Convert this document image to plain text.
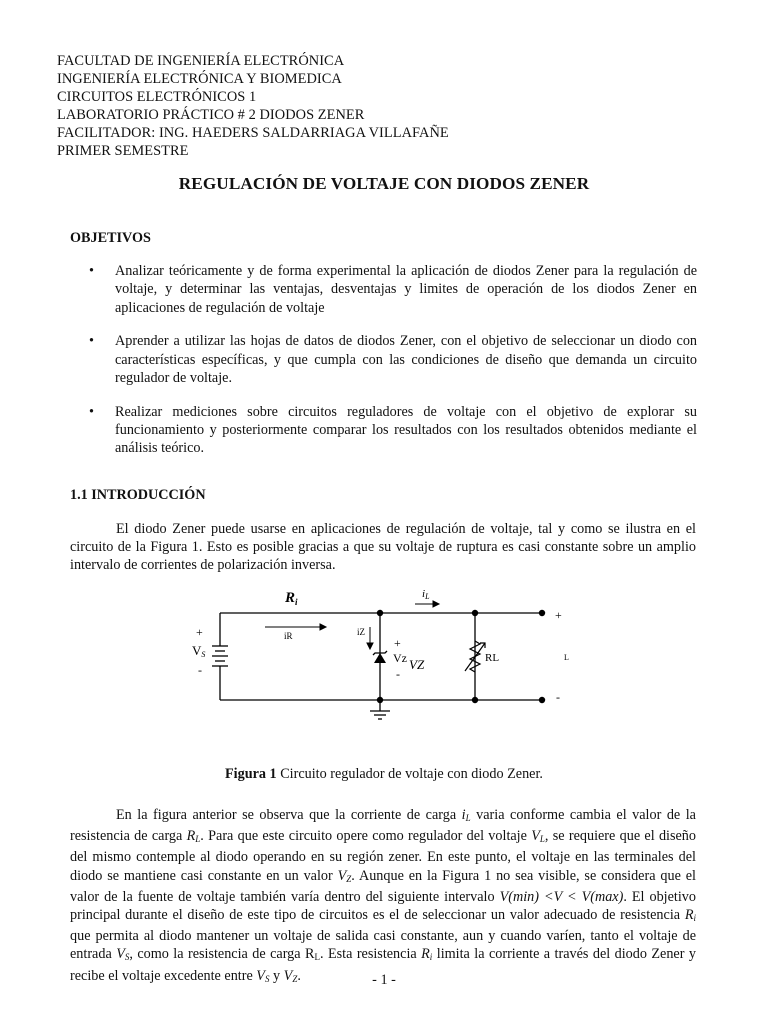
FACULTAD DE INGENIERÍA ELECTRÓNICA
INGENIERÍA ELECTRÓNICA Y BIOMEDICA
CIRCUITOS ELECTRÓNICOS 1
LABORATORIO PRÁCTICO # 2 DIODOS ZENER
FACILITADOR: ING. HAEDERS SALDARRIAGA VILLAFAÑE
PRIMER SEMESTRE
REGULACIÓN DE VOLTAJE CON DIODOS ZENER
OBJETIVOS
• Analizar teóricamente y de forma experimental la aplicación de diodos Zener para la regulación de voltaje, y determinar las ventajas, desventajas y limites de operación de los diodos Zener en aplicaciones de regulación de voltaje
• Aprender a utilizar las hojas de datos de diodos Zener, con el objetivo de seleccionar un diodo con características específicas, y que cumpla con las condiciones de diseño que demanda un circuito regulador de voltaje.
• Realizar mediciones sobre circuitos reguladores de voltaje con el objetivo de explorar su funcionamiento y posteriormente comparar los resultados con los resultados obtenidos mediante el análisis teórico.
1.1 INTRODUCCIÓN
El diodo Zener puede usarse en aplicaciones de regulación de voltaje, tal y como se ilustra en el circuito de la Figura 1. Esto es posible gracias a que su voltaje de ruptura es casi constante sobre un amplio intervalo de corrientes de polarización inversa.
$R_i$
iR
iL
iZ
+
VS
-
+
Vz VZ
-
RL
+
L
-
Figura 1 Circuito regulador de voltaje con diodo Zener.
En la figura anterior se observa que la corriente de carga $i_L$ varia conforme cambia el valor de la resistencia de carga $R_L$. Para que este circuito opere como regulador del voltaje $V_L$, se requiere que el diseño del mismo contemple al diodo operando en su región zener. En este punto, el voltaje en las terminales del diodo se mantiene casi constante en un valor $V_Z$. Aunque en la Figura 1 no sea visible, se considera que el valor de la fuente de voltaje también varía dentro del siguiente intervalo V(min) <V < V(max). El objetivo principal durante el diseño de este tipo de circuitos es el de seleccionar un valor adecuado de resistencia $R_i$ que permita al diodo mantener un voltaje de salida casi constante, aun y cuando varíen, tanto el voltaje de entrada $V_S$, como la resistencia de carga $R_L$. Esta resistencia $R_i$ limita la corriente a través del diodo Zener y recibe el voltaje excedente entre $V_S$ y $V_Z$.	- 1 -
